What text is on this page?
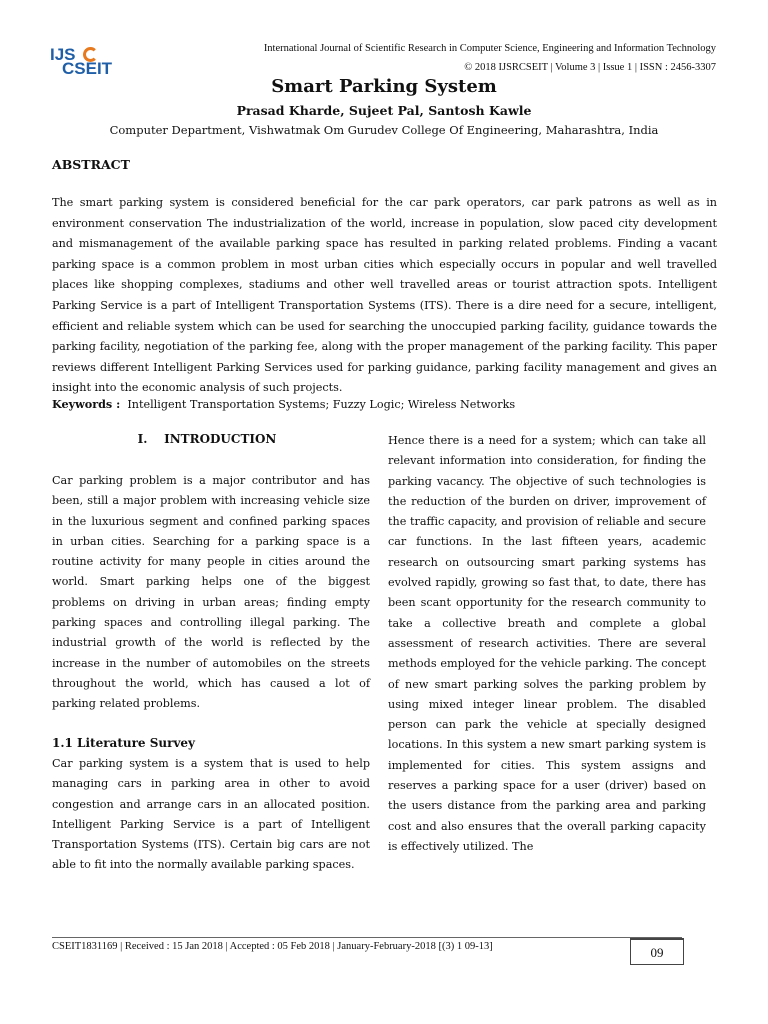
IJS
CSEIT
International Journal of Scientific Research in Computer Science, Engineering and Information Technology
© 2018 IJSRCSEIT | Volume 3 | Issue 1 | ISSN : 2456-3307
Smart Parking System
Prasad Kharde, Sujeet Pal, Santosh Kawle
Computer Department, Vishwatmak Om Gurudev College Of Engineering, Maharashtra, India
ABSTRACT

The smart parking system is considered beneficial for the car park operators, car park patrons as well as in environment conservation The industrialization of the world, increase in population, slow paced city development and mismanagement of the available parking space has resulted in parking related problems. Finding a vacant parking space is a common problem in most urban cities which especially occurs in popular and well travelled places like shopping complexes, stadiums and other well travelled areas or tourist attraction spots. Intelligent Parking Service is a part of Intelligent Transportation Systems (ITS). There is a dire need for a secure, intelligent, efficient and reliable system which can be used for searching the unoccupied parking facility, guidance towards the parking facility, negotiation of the parking fee, along with the proper management of the parking facility. This paper reviews different Intelligent Parking Services used for parking guidance, parking facility management and gives an insight into the economic analysis of such projects.

Keywords : Intelligent Transportation Systems; Fuzzy Logic; Wireless Networks
I.    INTRODUCTION

Car parking problem is a major contributor and has been, still a major problem with increasing vehicle size in the luxurious segment and confined parking spaces in urban cities. Searching for a parking space is a routine activity for many people in cities around the world. Smart parking helps one of the biggest problems on driving in urban areas; finding empty parking spaces and controlling illegal parking. The industrial growth of the world is reflected by the increase in the number of automobiles on the streets throughout the world, which has caused a lot of parking related problems.

1.1 Literature Survey

Car parking system is a system that is used to help managing cars in parking area in other to avoid congestion and arrange cars in an allocated position. Intelligent Parking Service is a part of Intelligent Transportation Systems (ITS). Certain big cars are not able to fit into the normally available parking spaces.

Hence there is a need for a system; which can take all relevant information into consideration, for finding the parking vacancy. The objective of such technologies is the reduction of the burden on driver, improvement of the traffic capacity, and provision of reliable and secure car functions. In the last fifteen years, academic research on outsourcing smart parking systems has evolved rapidly, growing so fast that, to date, there has been scant opportunity for the research community to take a collective breath and complete a global assessment of research activities. There are several methods employed for the vehicle parking. The concept of new smart parking solves the parking problem by using mixed integer linear problem. The disabled person can park the vehicle at specially designed locations. In this system a new smart parking system is implemented for cities. This system assigns and reserves a parking space for a user (driver) based on the users distance from the parking area and parking cost and also ensures that the overall parking capacity is effectively utilized. The

CSEIT1831169 | Received : 15 Jan 2018 | Accepted : 05 Feb 2018 | January-February-2018 [(3) 1 09-13]	09
